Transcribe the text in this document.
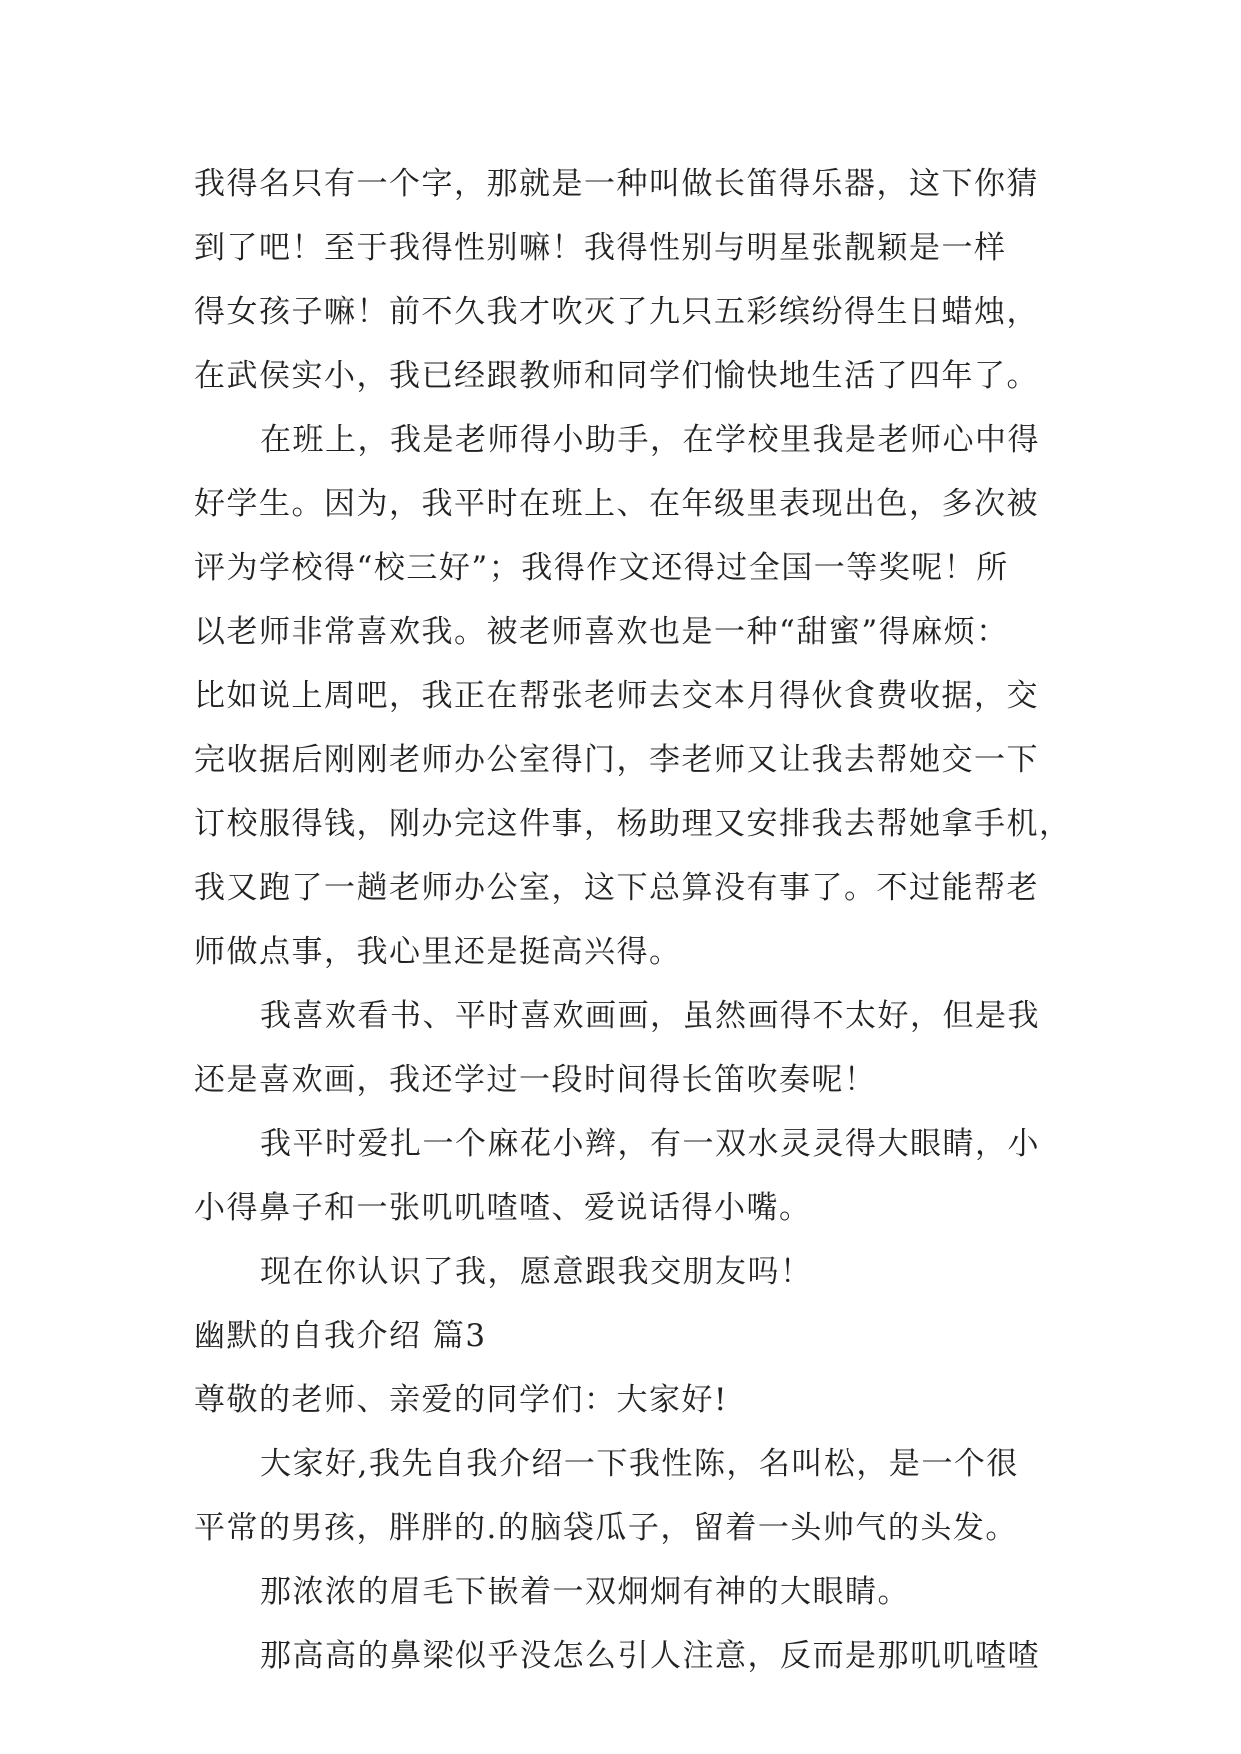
我得名只有一个字，那就是一种叫做长笛得乐器，这下你猜
到了吧！至于我得性别嘛！我得性别与明星张靓颖是一样
得女孩子嘛！前不久我才吹灭了九只五彩缤纷得生日蜡烛，
在武侯实小，我已经跟教师和同学们愉快地生活了四年了。
在班上，我是老师得小助手，在学校里我是老师心中得
好学生。因为，我平时在班上、在年级里表现出色，多次被
评为学校得“校三好”；我得作文还得过全国一等奖呢！所
以老师非常喜欢我。被老师喜欢也是一种“甜蜜”得麻烦：
比如说上周吧，我正在帮张老师去交本月得伙食费收据，交
完收据后刚刚老师办公室得门，李老师又让我去帮她交一下
订校服得钱，刚办完这件事，杨助理又安排我去帮她拿手机，
我又跑了一趟老师办公室，这下总算没有事了。不过能帮老
师做点事，我心里还是挺高兴得。
我喜欢看书、平时喜欢画画，虽然画得不太好，但是我
还是喜欢画，我还学过一段时间得长笛吹奏呢！
我平时爱扎一个麻花小辫，有一双水灵灵得大眼睛，小
小得鼻子和一张叽叽喳喳、爱说话得小嘴。
现在你认识了我，愿意跟我交朋友吗！
幽默的自我介绍 篇3
尊敬的老师、亲爱的同学们：大家好!
大家好,我先自我介绍一下我性陈，名叫松，是一个很
平常的男孩，胖胖的.的脑袋瓜子，留着一头帅气的头发。
那浓浓的眉毛下嵌着一双炯炯有神的大眼睛。
那高高的鼻梁似乎没怎么引人注意，反而是那叽叽喳喳
